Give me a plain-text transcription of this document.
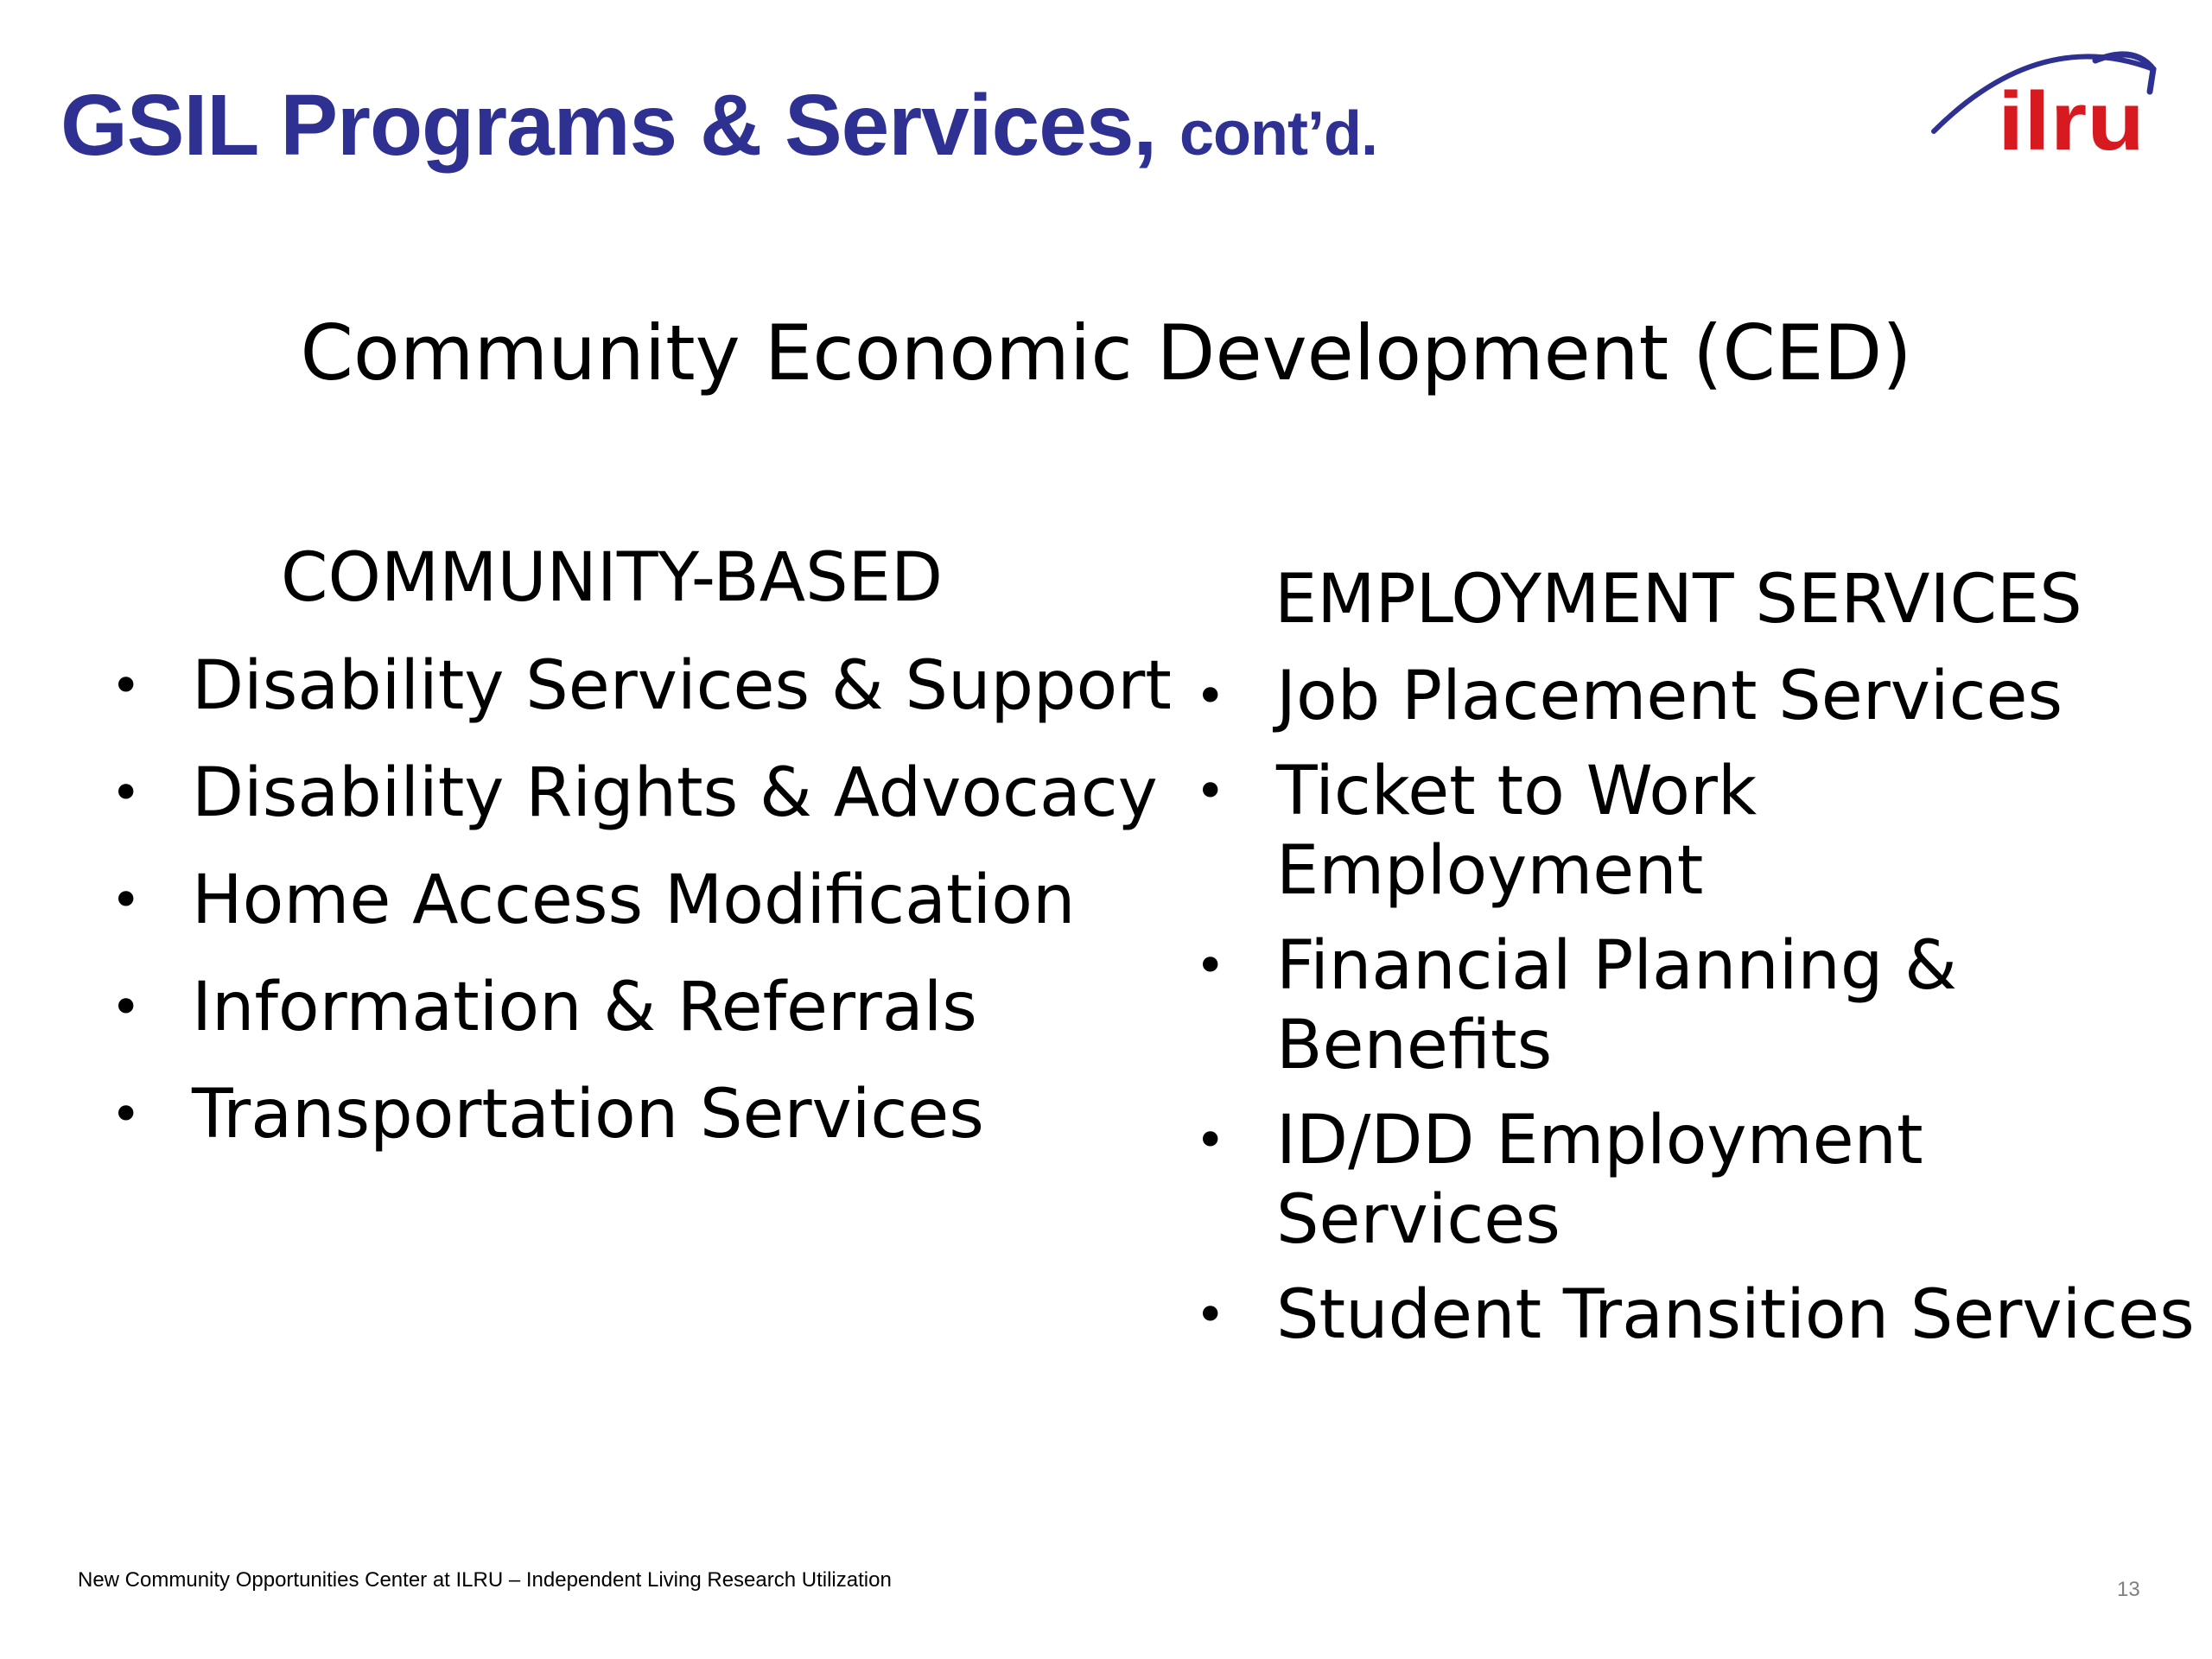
GSIL Programs & Services, cont’d.	ilru
Community Economic Development (CED)
COMMUNITY-BASED
• Disability Services & Support
• Disability Rights & Advocacy
• Home Access Modification
• Information & Referrals
• Transportation Services
EMPLOYMENT SERVICES
• Job Placement Services
• Ticket to Work Employment
• Financial Planning & Benefits
• ID/DD Employment Services
• Student Transition Services
New Community Opportunities Center at ILRU – Independent Living Research Utilization	13
